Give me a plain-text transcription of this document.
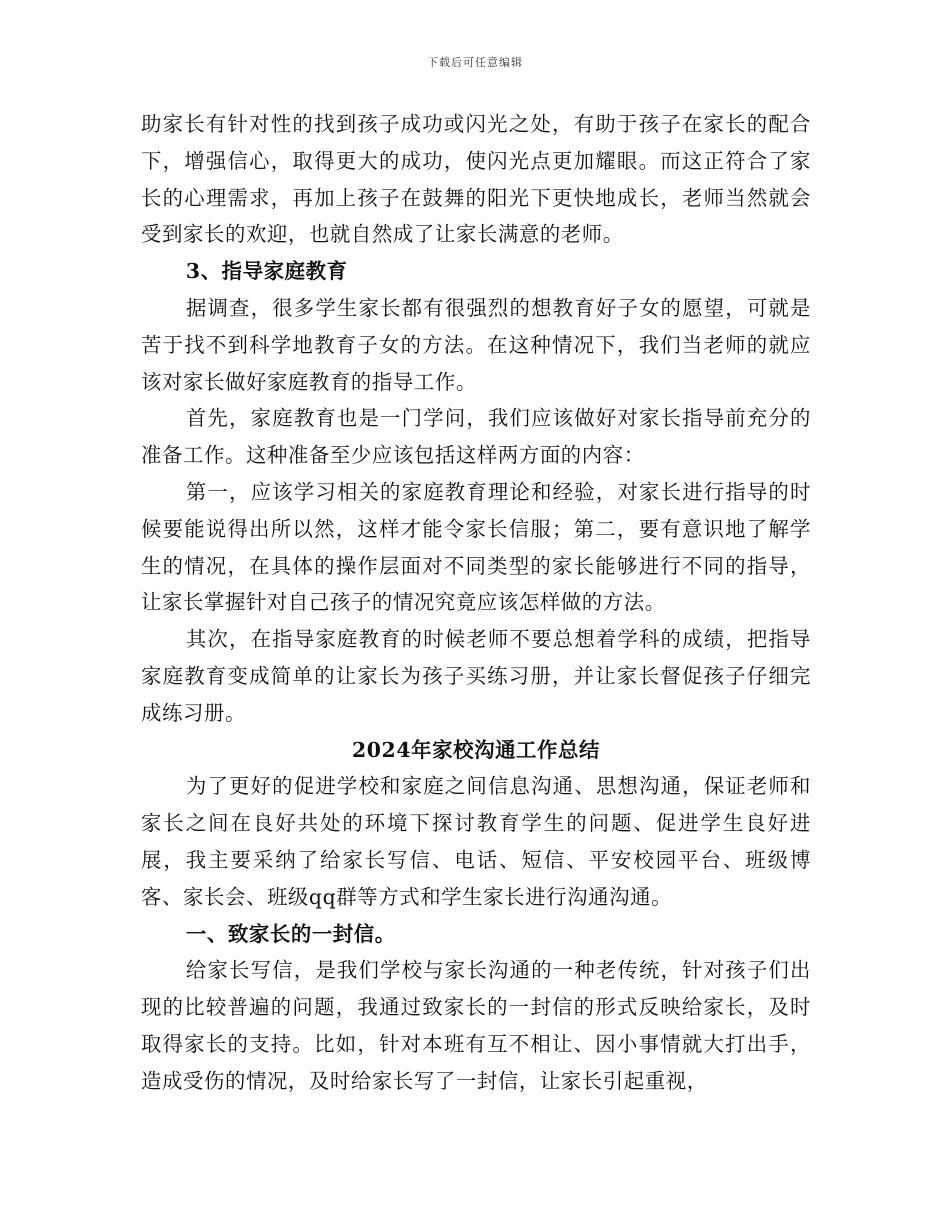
下载后可任意编辑

助家长有针对性的找到孩子成功或闪光之处，有助于孩子在家长的配合下，增强信心，取得更大的成功，使闪光点更加耀眼。而这正符合了家长的心理需求，再加上孩子在鼓舞的阳光下更快地成长，老师当然就会受到家长的欢迎，也就自然成了让家长满意的老师。

3、指导家庭教育

据调查，很多学生家长都有很强烈的想教育好子女的愿望，可就是苦于找不到科学地教育子女的方法。在这种情况下，我们当老师的就应该对家长做好家庭教育的指导工作。

首先，家庭教育也是一门学问，我们应该做好对家长指导前充分的准备工作。这种准备至少应该包括这样两方面的内容：

第一，应该学习相关的家庭教育理论和经验，对家长进行指导的时候要能说得出所以然，这样才能令家长信服；第二，要有意识地了解学生的情况，在具体的操作层面对不同类型的家长能够进行不同的指导，让家长掌握针对自己孩子的情况究竟应该怎样做的方法。

其次，在指导家庭教育的时候老师不要总想着学科的成绩，把指导家庭教育变成简单的让家长为孩子买练习册，并让家长督促孩子仔细完成练习册。

2024年家校沟通工作总结

为了更好的促进学校和家庭之间信息沟通、思想沟通，保证老师和家长之间在良好共处的环境下探讨教育学生的问题、促进学生良好进展，我主要采纳了给家长写信、电话、短信、平安校园平台、班级博客、家长会、班级qq群等方式和学生家长进行沟通沟通。

一、致家长的一封信。

给家长写信，是我们学校与家长沟通的一种老传统，针对孩子们出现的比较普遍的问题，我通过致家长的一封信的形式反映给家长，及时取得家长的支持。比如，针对本班有互不相让、因小事情就大打出手，造成受伤的情况，及时给家长写了一封信，让家长引起重视，
